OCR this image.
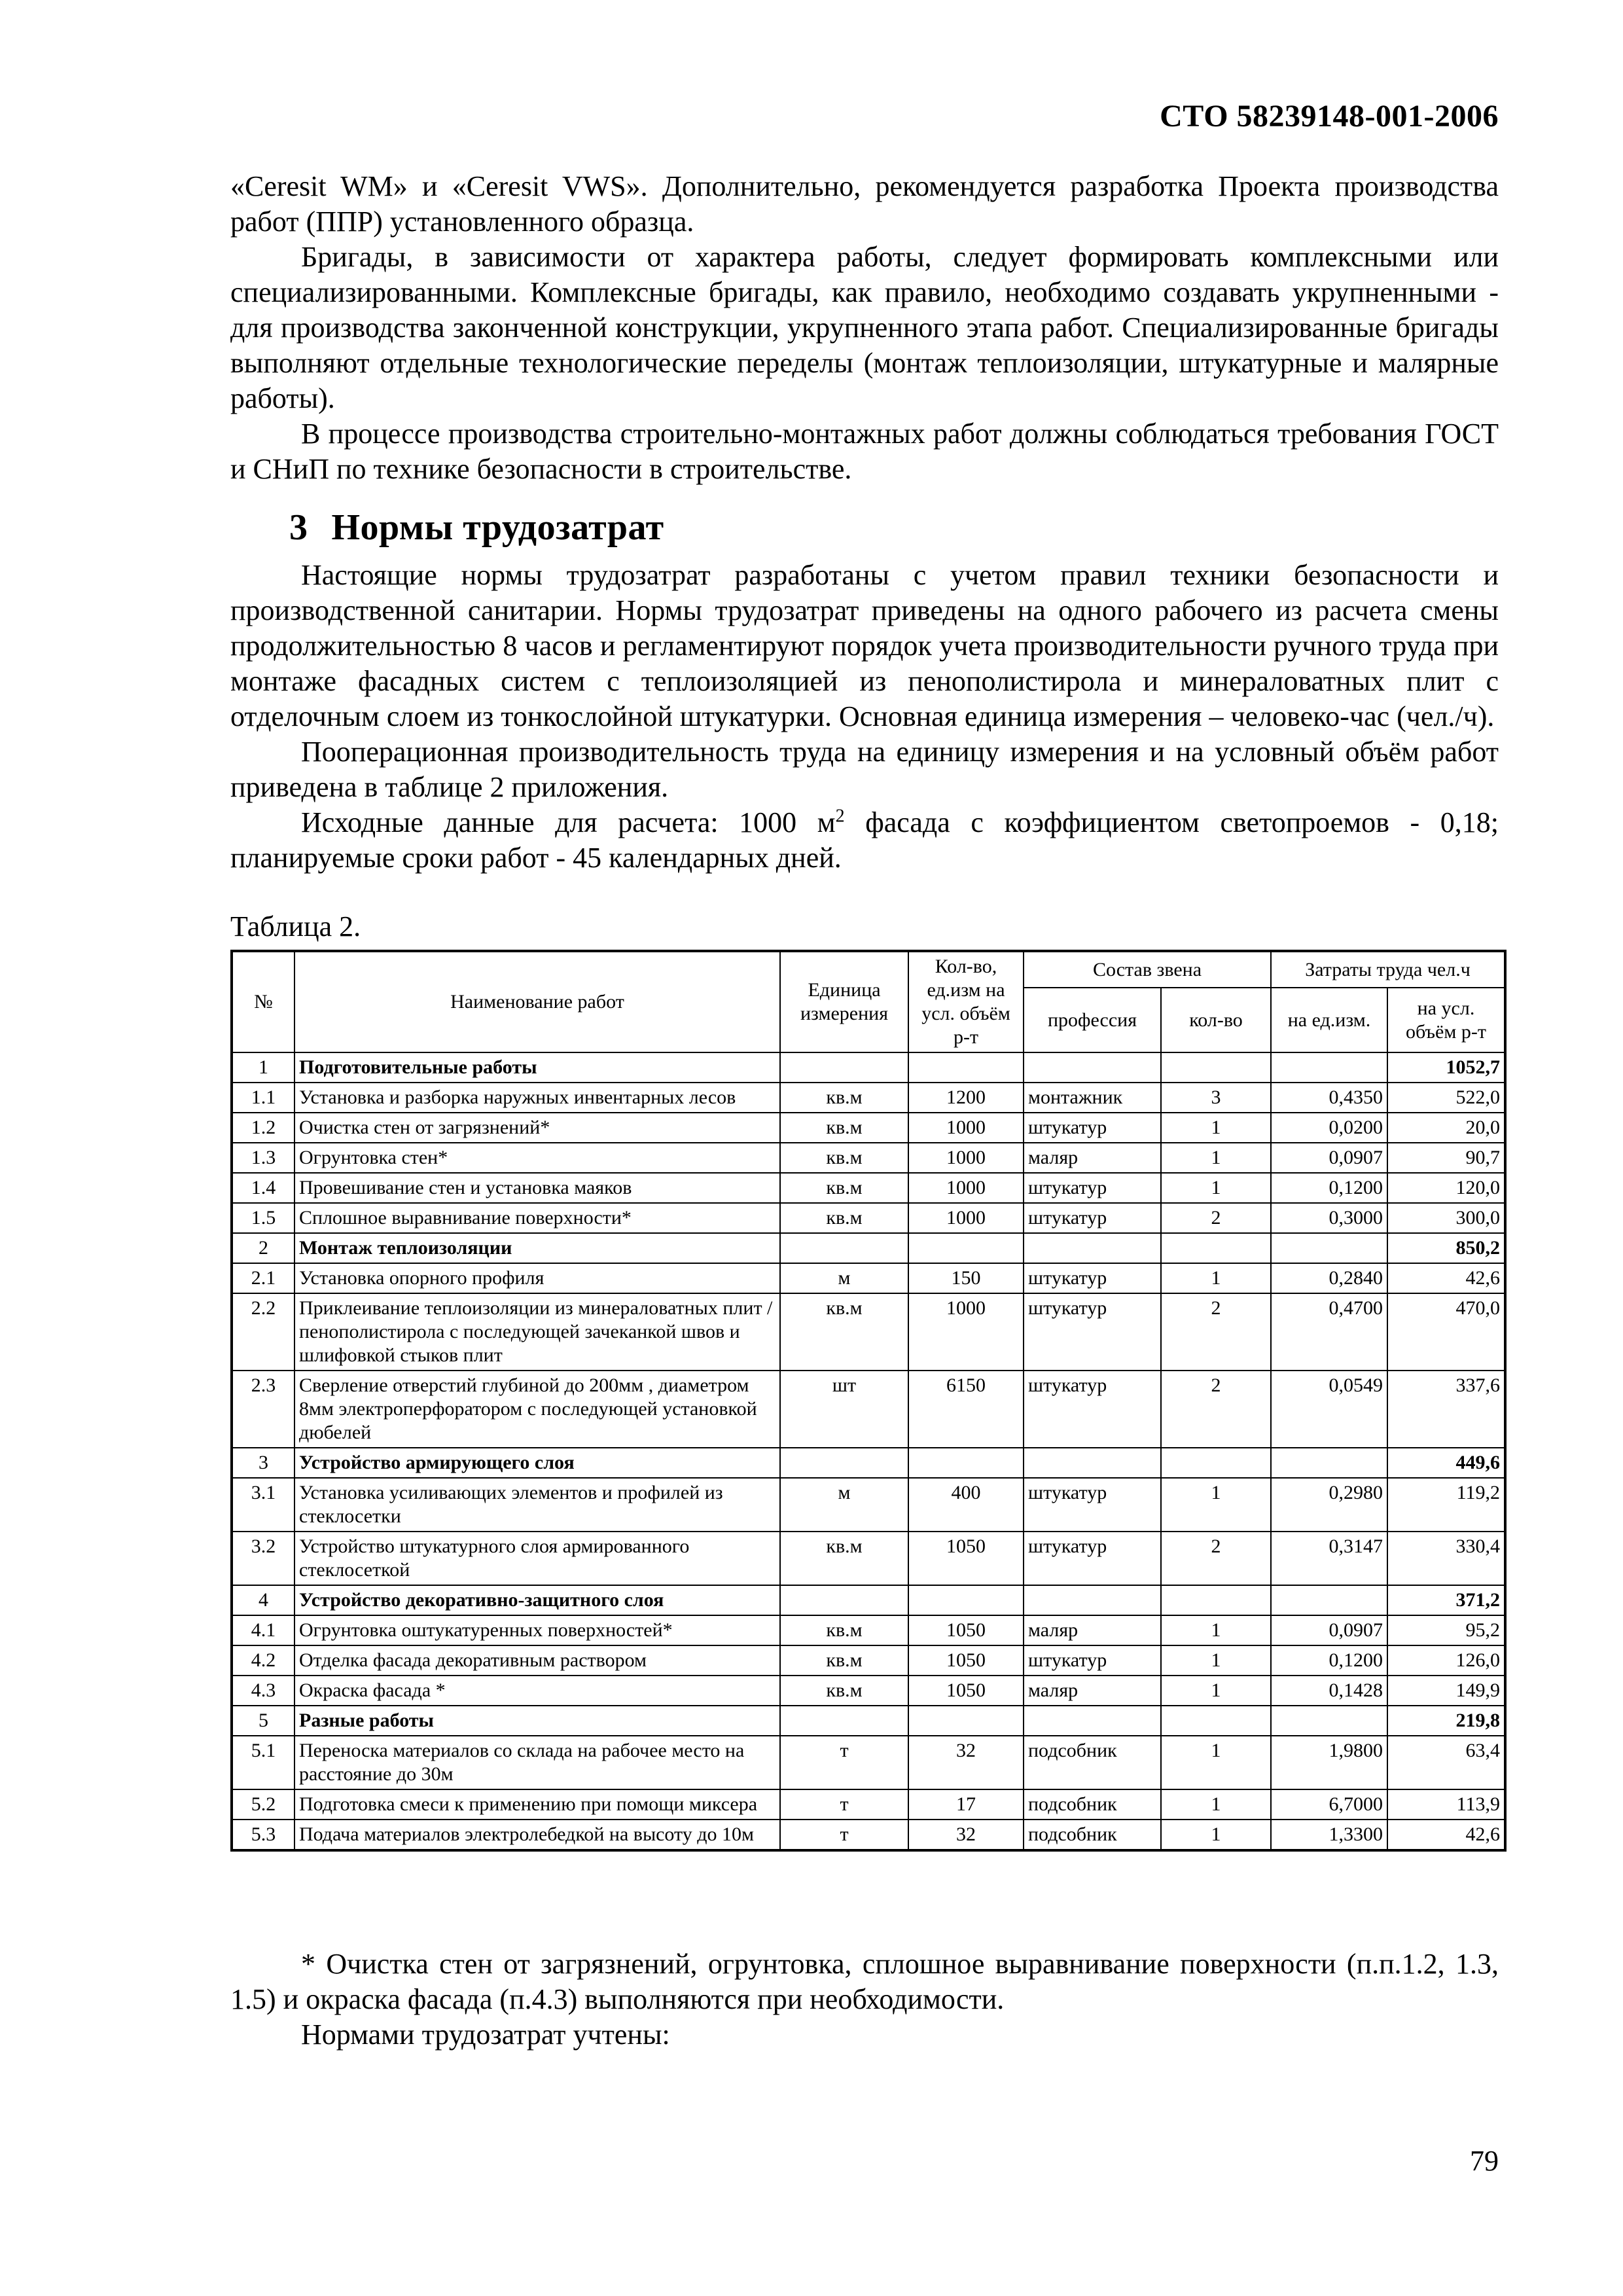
СТО 58239148-001-2006

«Ceresit WM» и «Ceresit VWS». Дополнительно, рекомендуется разработка Проекта производства работ (ППР) установленного образца.

Бригады, в зависимости от характера работы, следует формировать комплексными или специализированными. Комплексные бригады, как правило, необходимо создавать укрупненными - для производства законченной конструкции, укрупненного этапа работ. Специализированные бригады выполняют отдельные технологические переделы (монтаж теплоизоляции, штукатурные и малярные работы).

В процессе производства строительно-монтажных работ должны соблюдаться требования ГОСТ и СНиП по технике безопасности в строительстве.

3 Нормы трудозатрат

Настоящие нормы трудозатрат разработаны с учетом правил техники безопасности и производственной санитарии. Нормы трудозатрат приведены на одного рабочего из расчета смены продолжительностью 8 часов и регламентируют порядок учета производительности ручного труда при монтаже фасадных систем с теплоизоляцией из пенополистирола и минераловатных плит с отделочным слоем из тонкослойной штукатурки. Основная единица измерения – человеко-час (чел./ч).

Пооперационная производительность труда на единицу измерения и на условный объём работ приведена в таблице 2 приложения.

Исходные данные для расчета: 1000 $м^2$ фасада с коэффициентом светопроемов - 0,18; планируемые сроки работ - 45 календарных дней.

Таблица 2.
№	Наименование работ	Единица измерения	Кол-во, ед.изм на усл. объём р-т	Состав звена		Затраты труда чел.ч	
				профессия	кол-во	на ед.изм.	на усл. объём р-т
1	Подготовительные работы						1052,7
1.1	Установка и разборка наружных инвентарных лесов	кв.м	1200	монтажник	3	0,4350	522,0
1.2	Очистка стен от загрязнений*	кв.м	1000	штукатур	1	0,0200	20,0
1.3	Огрунтовка стен*	кв.м	1000	маляр	1	0,0907	90,7
1.4	Провешивание стен и установка маяков	кв.м	1000	штукатур	1	0,1200	120,0
1.5	Сплошное выравнивание поверхности*	кв.м	1000	штукатур	2	0,3000	300,0
2	Монтаж теплоизоляции						850,2
2.1	Установка опорного профиля	м	150	штукатур	1	0,2840	42,6
2.2	Приклеивание теплоизоляции из минераловатных плит / пенополистирола с последующей зачеканкой швов и шлифовкой стыков плит	кв.м	1000	штукатур	2	0,4700	470,0
2.3	Сверление отверстий глубиной до 200мм , диаметром 8мм электроперфоратором с последующей установкой дюбелей	шт	6150	штукатур	2	0,0549	337,6
3	Устройство армирующего слоя						449,6
3.1	Установка усиливающих элементов и профилей из стеклосетки	м	400	штукатур	1	0,2980	119,2
3.2	Устройство штукатурного слоя армированного стеклосеткой	кв.м	1050	штукатур	2	0,3147	330,4
4	Устройство декоративно-защитного слоя						371,2
4.1	Огрунтовка оштукатуренных поверхностей*	кв.м	1050	маляр	1	0,0907	95,2
4.2	Отделка фасада декоративным раствором	кв.м	1050	штукатур	1	0,1200	126,0
4.3	Окраска фасада *	кв.м	1050	маляр	1	0,1428	149,9
5	Разные работы						219,8
5.1	Переноска материалов со склада на рабочее место на расстояние до 30м	т	32	подсобник	1	1,9800	63,4
5.2	Подготовка смеси к применению при помощи миксера	т	17	подсобник	1	6,7000	113,9
5.3	Подача материалов электролебедкой на высоту до 10м	т	32	подсобник	1	1,3300	42,6

* Очистка стен от загрязнений, огрунтовка, сплошное выравнивание поверхности (п.п.1.2, 1.3, 1.5) и окраска фасада (п.4.3) выполняются при необходимости.

Нормами трудозатрат учтены:

79
